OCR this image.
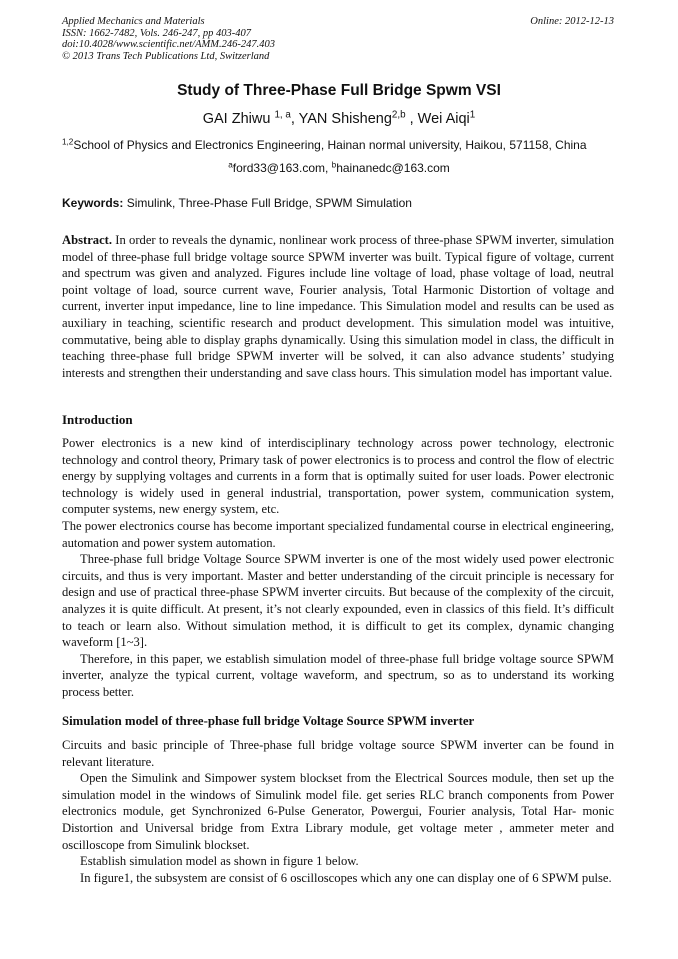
Applied Mechanics and Materials	Online: 2012-12-13
ISSN: 1662-7482, Vols. 246-247, pp 403-407
doi:10.4028/www.scientific.net/AMM.246-247.403
© 2013 Trans Tech Publications Ltd, Switzerland
Study of Three-Phase Full Bridge Spwm VSI
GAI Zhiwu $^{1, a}$, YAN Shisheng$^{2,b}$ , Wei Aiqi$^1$
$^{1,2}$School of Physics and Electronics Engineering, Hainan normal university, Haikou, 571158, China
$^a$ford33@163.com, $^b$hainanedc@163.com
Keywords: Simulink, Three-Phase Full Bridge, SPWM Simulation

Abstract. In order to reveals the dynamic, nonlinear work process of three-phase SPWM inverter, simulation model of three-phase full bridge voltage source SPWM inverter was built. Typical figure of voltage, current and spectrum was given and analyzed. Figures include line voltage of load, phase voltage of load, neutral point voltage of load, source current wave, Fourier analysis, Total Harmonic Distortion of voltage and current, inverter input impedance, line to line impedance. This Simulation model and results can be used as auxiliary in teaching, scientific research and product development. This simulation model was intuitive, commutative, being able to display graphs dynamically. Using this simulation model in class, the difficult in teaching three-phase full bridge SPWM inverter will be solved, it can also advance students’ studying interests and strengthen their understanding and save class hours. This simulation model has important value.

Introduction

Power electronics is a new kind of interdisciplinary technology across power technology, electronic technology and control theory, Primary task of power electronics is to process and control the flow of electric energy by supplying voltages and currents in a form that is optimally suited for user loads. Power electronic technology is widely used in general industrial, transportation, power system, communication system, computer systems, new energy system, etc.

The power electronics course has become important specialized fundamental course in electrical engineering, automation and power system automation.

Three-phase full bridge Voltage Source SPWM inverter is one of the most widely used power electronic circuits, and thus is very important. Master and better understanding of the circuit principle is necessary for design and use of practical three-phase SPWM inverter circuits. But because of the complexity of the circuit, analyzes it is quite difficult. At present, it’s not clearly expounded, even in classics of this field. It’s difficult to teach or learn also. Without simulation method, it is difficult to get its complex, dynamic changing waveform [1~3].

Therefore, in this paper, we establish simulation model of three-phase full bridge voltage source SPWM inverter, analyze the typical current, voltage waveform, and spectrum, so as to understand its working process better.

Simulation model of three-phase full bridge Voltage Source SPWM inverter

Circuits and basic principle of Three-phase full bridge voltage source SPWM inverter can be found in relevant literature.

Open the Simulink and Simpower system blockset from the Electrical Sources module, then set up the simulation model in the windows of Simulink model file. get series RLC branch components from Power electronics module, get Synchronized 6-Pulse Generator, Powergui, Fourier analysis, Total Har- monic Distortion and Universal bridge from Extra Library module, get voltage meter , ammeter meter and oscilloscope from Simulink blockset.

Establish simulation model as shown in figure 1 below.

In figure1, the subsystem are consist of 6 oscilloscopes which any one can display one of 6 SPWM pulse.
